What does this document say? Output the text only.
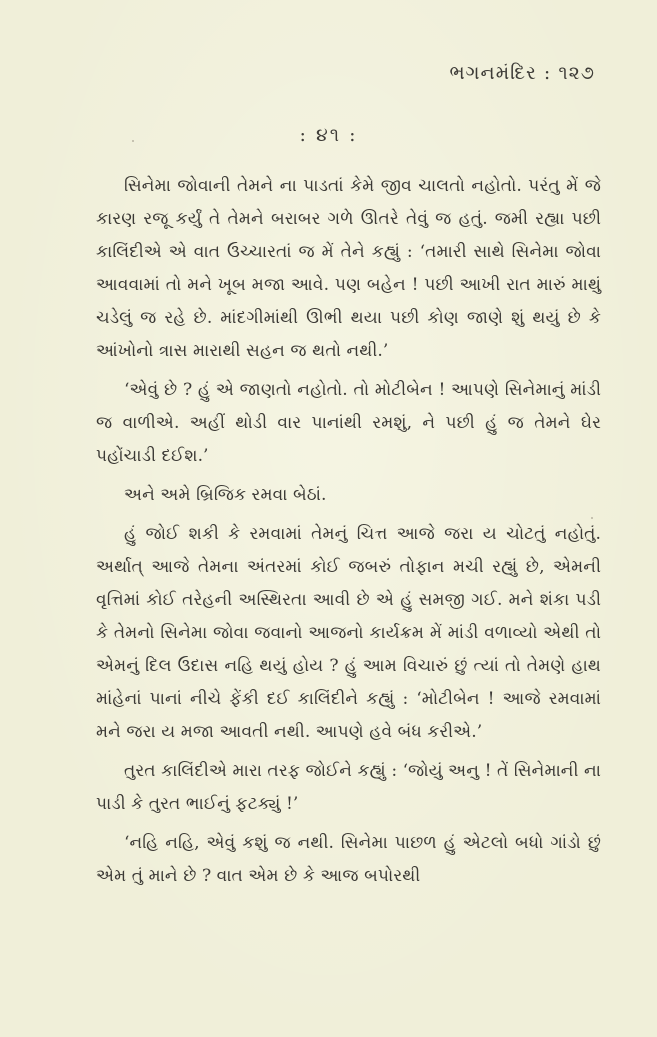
ભગનમંદિર : ૧૨૭
: ૪૧ :

સિનેમા જોવાની તેમને ના પાડતાં કેમે જીવ ચાલતો નહોતો. પરંતુ મેં જે કારણ રજૂ કર્યું તે તેમને બરાબર ગળે ઊતરે તેવું જ હતું. જમી રહ્યા પછી કાલિંદીએ એ વાત ઉચ્ચારતાં જ મેં તેને કહ્યું : ‘તમારી સાથે સિનેમા જોવા આવવામાં તો મને ખૂબ મજા આવે. પણ બહેન ! પછી આખી રાત મારું માથું ચડેલું જ રહે છે. માંદગીમાંથી ઊભી થયા પછી કોણ જાણે શું થયું છે કે આંખોનો ત્રાસ મારાથી સહન જ થતો નથી.’

‘એવું છે ? હું એ જાણતો નહોતો. તો મોટીબેન ! આપણે સિનેમાનું માંડી જ વાળીએ. અહીં થોડી વાર પાનાંથી રમશું, ને પછી હું જ તેમને ઘેર પહોંચાડી દઈશ.’

અને અમે બ્રિજિક રમવા બેઠાં.

હું જોઈ શકી કે રમવામાં તેમનું ચિત્ત આજે જરા ય ચોટતું નહોતું. અર્થાત્ આજે તેમના અંતરમાં કોઈ જબરું તોફાન મચી રહ્યું છે, એમની વૃત્તિમાં કોઈ તરેહની અસ્થિરતા આવી છે એ હું સમજી ગઈ. મને શંકા પડી કે તેમનો સિનેમા જોવા જવાનો આજનો કાર્યક્રમ મેં માંડી વળાવ્યો એથી તો એમનું દિલ ઉદાસ નહિ થયું હોય ? હું આમ વિચારું છું ત્યાં તો તેમણે હાથ માંહેનાં પાનાં નીચે ફેંકી દઈ કાલિંદીને કહ્યું : ‘મોટીબેન ! આજે રમવામાં મને જરા ય મજા આવતી નથી. આપણે હવે બંધ કરીએ.’

તુરત કાલિંદીએ મારા તરફ જોઈને કહ્યું : ‘જોયું અનુ ! તેં સિનેમાની ના પાડી કે તુરત ભાઈનું ફટક્યું !’

‘નહિ નહિ, એવું કશું જ નથી. સિનેમા પાછળ હું એટલો બધો ગાંડો છું એમ તું માને છે ? વાત એમ છે કે આજ બપોરથી
